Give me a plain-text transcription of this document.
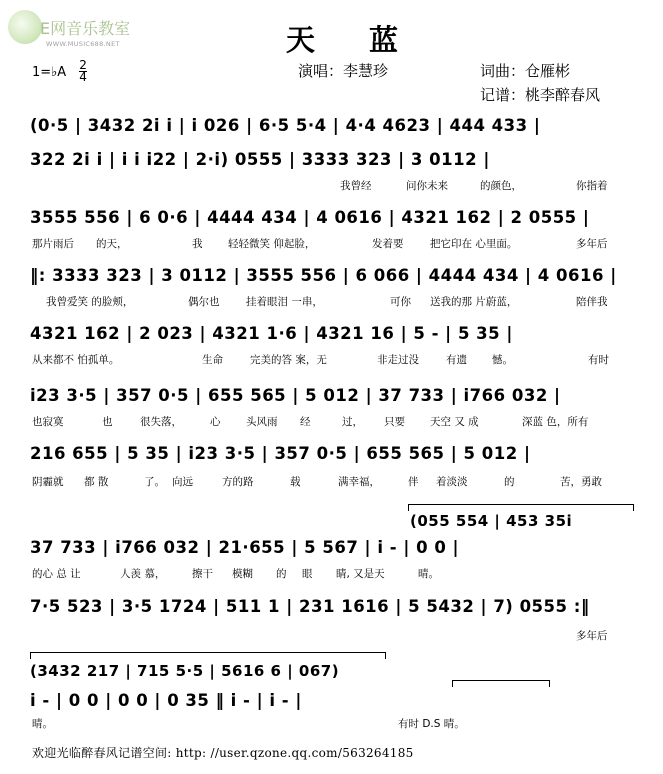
E网音乐教室
WWW.MUSIC688.NET	天蓝
1=♭A $\frac{2}{4}$	演唱：李慧珍	词曲：仓雁彬
记谱：桃李醉春风
(0·5 | 3432 2i i | i 026 | 6·5 5·4 | 4·4 4623 | 444 433 |
322 2i i | i i i22 | 2·i) 0555 | 3333 323 | 3 0112 |
我曾经	问你未来	的颜色，	你指着
3555 556 | 6 0·6 | 4444 434 | 4 0616 | 4321 162 | 2 0555 |
那片雨后 的天，	我 轻轻微笑 仰起脸，	发着要	把它印在 心里面。	多年后
‖: 3333 323 | 3 0112 | 3555 556 | 6 066 | 4444 434 | 4 0616 |
我曾爱笑 的脸颊，	偶尔也	挂着眼泪 一串，	可你 送我的那 片蔚蓝，	陪伴我
4321 162 | 2 023 | 4321 1·6 | 4321 16 | 5 - | 5 35 |
从来都不 怕孤单。	生命	完美的答 案，无	非走过没	有遗 憾。	有时
i23 3·5 | 357 0·5 | 655 565 | 5 012 | 37 733 | i766 032 |
也寂寞	也	很失落，	心 头风雨 经	过， 只要 天空 又 成	深蓝 色，所有
216 655 | 5 35 | i23 3·5 | 357 0·5 | 655 565 | 5 012 |
阴霾就 都 散	了。 向远	方的路	载	满幸福，	伴 着淡淡	的	苦，勇敢
37 733 | i766 032 | 21·655 | 5 567 | i - | 0 0 |
(055 554 | 453 35i
的心 总 让	人羡 慕，	擦干 模糊 的 眼 睛, 又是天	晴。
7·5 523 | 3·5 1724 | 511 1 | 231 1616 | 5 5432 | 7) 0555 :‖
多年后
i - | 0 0 | 0 0 | 0 35 ‖ i - | i - |
(3432 217 | 715 5·5 | 5616 6 | 067)
晴。	有时 D.S 晴。
欢迎光临醉春风记谱空间: http: //user.qzone.qq.com/563264185
